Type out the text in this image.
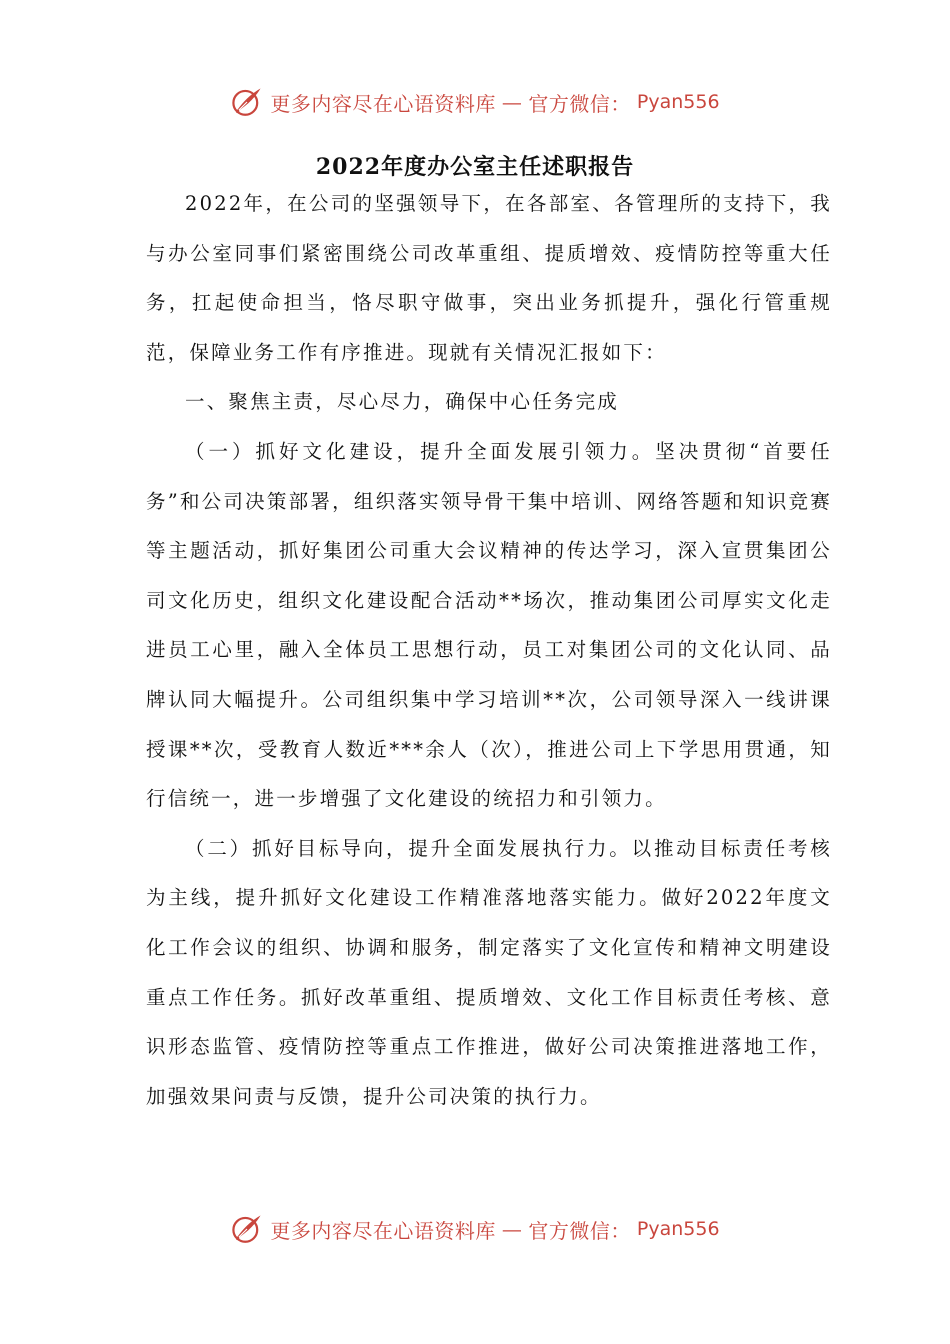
更多内容尽在心语资料库 — 官方微信： Pyan556
2022年度办公室主任述职报告

2022年，在公司的坚强领导下，在各部室、各管理所的支持下，我与办公室同事们紧密围绕公司改革重组、提质增效、疫情防控等重大任务，扛起使命担当，恪尽职守做事，突出业务抓提升，强化行管重规范，保障业务工作有序推进。现就有关情况汇报如下：

一、聚焦主责，尽心尽力，确保中心任务完成

（一）抓好文化建设，提升全面发展引领力。坚决贯彻“首要任务”和公司决策部署，组织落实领导骨干集中培训、网络答题和知识竞赛等主题活动，抓好集团公司重大会议精神的传达学习，深入宣贯集团公司文化历史，组织文化建设配合活动**场次，推动集团公司厚实文化走进员工心里，融入全体员工思想行动，员工对集团公司的文化认同、品牌认同大幅提升。公司组织集中学习培训**次，公司领导深入一线讲课授课**次，受教育人数近***余人（次），推进公司上下学思用贯通，知行信统一，进一步增强了文化建设的统招力和引领力。

（二）抓好目标导向，提升全面发展执行力。以推动目标责任考核为主线，提升抓好文化建设工作精准落地落实能力。做好2022年度文化工作会议的组织、协调和服务，制定落实了文化宣传和精神文明建设重点工作任务。抓好改革重组、提质增效、文化工作目标责任考核、意识形态监管、疫情防控等重点工作推进，做好公司决策推进落地工作，加强效果问责与反馈，提升公司决策的执行力。

更多内容尽在心语资料库 — 官方微信： Pyan556
